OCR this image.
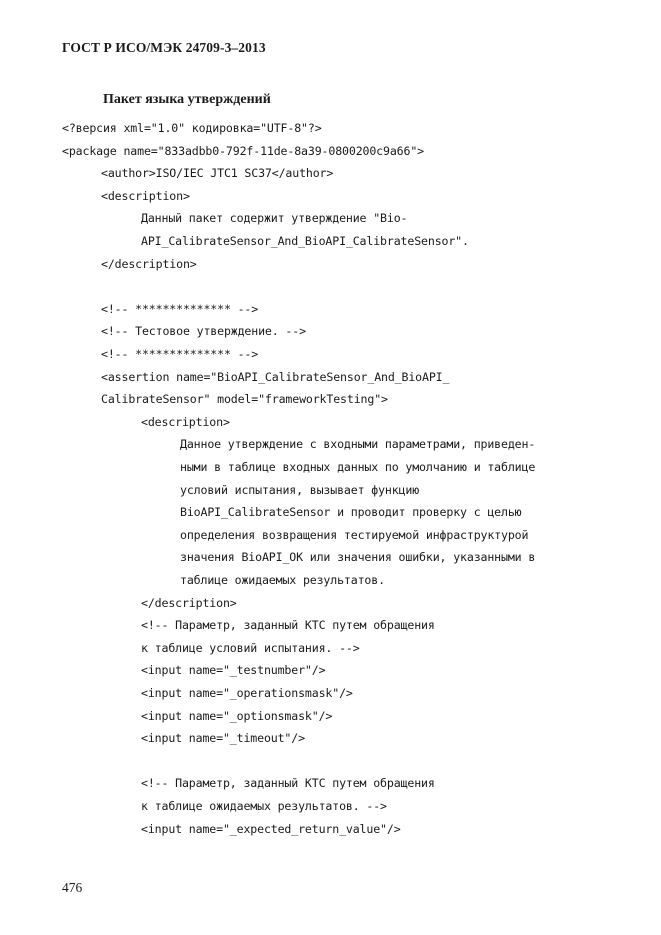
ГОСТ Р ИСО/МЭК 24709-3–2013
Пакет языка утверждений
<?версия xml="1.0" кодировка="UTF-8"?>
<package name="833adbb0-792f-11de-8a39-0800200c9a66">
<author>ISO/IEC JTC1 SC37</author>
<description>
Данный пакет содержит утверждение "Bio-
API_CalibrateSensor_And_BioAPI_CalibrateSensor".
</description>
<!-- ************** -->
<!-- Тестовое утверждение. -->
<!-- ************** -->
<assertion name="BioAPI_CalibrateSensor_And_BioAPI_
CalibrateSensor" model="frameworkTesting">
<description>
Данное утверждение с входными параметрами, приведен-
ными в таблице входных данных по умолчанию и таблице
условий испытания, вызывает функцию
BioAPI_CalibrateSensor и проводит проверку с целью
определения возвращения тестируемой инфраструктурой
значения BioAPI_OK или значения ошибки, указанными в
таблице ожидаемых результатов.
</description>
<!-- Параметр, заданный КТС путем обращения
к таблице условий испытания. -->
<input name="_testnumber"/>
<input name="_operationsmask"/>
<input name="_optionsmask"/>
<input name="_timeout"/>
<!-- Параметр, заданный КТС путем обращения
к таблице ожидаемых результатов. -->
<input name="_expected_return_value"/>
476
